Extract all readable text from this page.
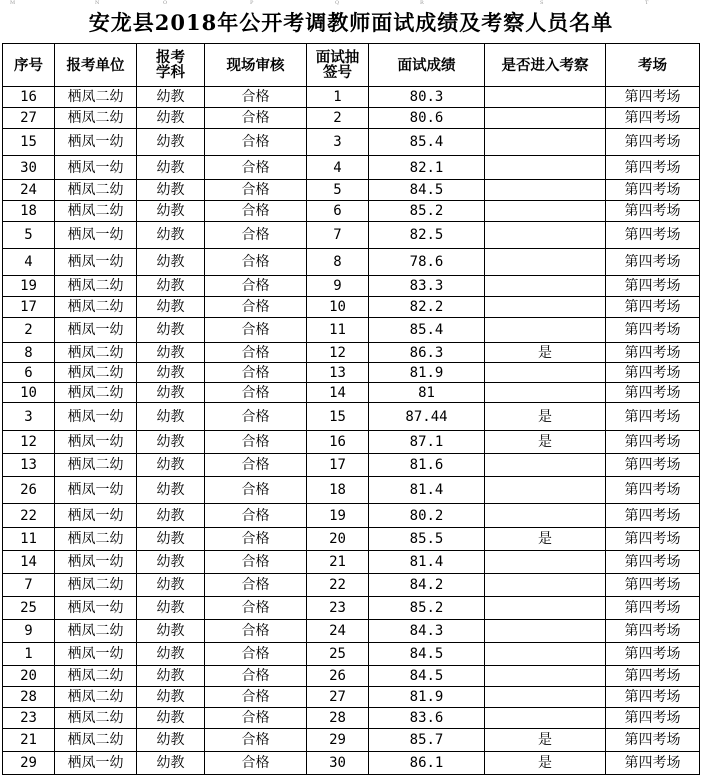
M	N	O	P	Q	R	S	T
安龙县2018年公开考调教师面试成绩及考察人员名单
序号	报考单位	报考学科	现场审核	面试抽签号	面试成绩	是否进入考察	考场
16	栖凤二幼	幼教	合格	1	80.3		第四考场
27	栖凤二幼	幼教	合格	2	80.6		第四考场
15	栖凤一幼	幼教	合格	3	85.4		第四考场
30	栖凤一幼	幼教	合格	4	82.1		第四考场
24	栖凤二幼	幼教	合格	5	84.5		第四考场
18	栖凤二幼	幼教	合格	6	85.2		第四考场
5	栖凤一幼	幼教	合格	7	82.5		第四考场
4	栖凤一幼	幼教	合格	8	78.6		第四考场
19	栖凤二幼	幼教	合格	9	83.3		第四考场
17	栖凤二幼	幼教	合格	10	82.2		第四考场
2	栖凤一幼	幼教	合格	11	85.4		第四考场
8	栖凤二幼	幼教	合格	12	86.3	是	第四考场
6	栖凤二幼	幼教	合格	13	81.9		第四考场
10	栖凤二幼	幼教	合格	14	81		第四考场
3	栖凤一幼	幼教	合格	15	87.44	是	第四考场
12	栖凤一幼	幼教	合格	16	87.1	是	第四考场
13	栖凤二幼	幼教	合格	17	81.6		第四考场
26	栖凤一幼	幼教	合格	18	81.4		第四考场
22	栖凤一幼	幼教	合格	19	80.2		第四考场
11	栖凤二幼	幼教	合格	20	85.5	是	第四考场
14	栖凤一幼	幼教	合格	21	81.4		第四考场
7	栖凤二幼	幼教	合格	22	84.2		第四考场
25	栖凤一幼	幼教	合格	23	85.2		第四考场
9	栖凤二幼	幼教	合格	24	84.3		第四考场
1	栖凤一幼	幼教	合格	25	84.5		第四考场
20	栖凤二幼	幼教	合格	26	84.5		第四考场
28	栖凤二幼	幼教	合格	27	81.9		第四考场
23	栖凤二幼	幼教	合格	28	83.6		第四考场
21	栖凤二幼	幼教	合格	29	85.7	是	第四考场
29	栖凤一幼	幼教	合格	30	86.1	是	第四考场
